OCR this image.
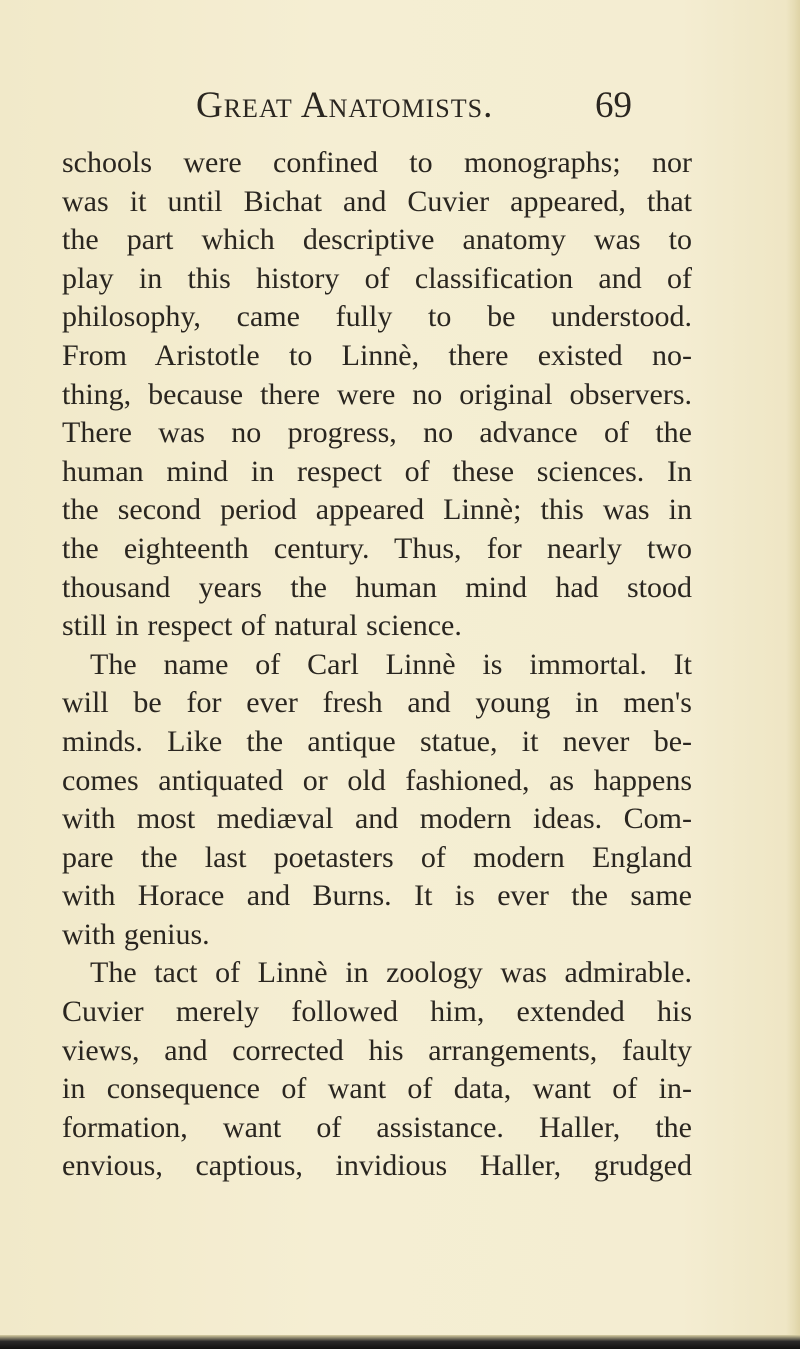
Great Anatomists.	69
schools were confined to monographs; nor
was it until Bichat and Cuvier appeared, that
the part which descriptive anatomy was to
play in this history of classification and of
philosophy, came fully to be understood.
From Aristotle to Linnè, there existed no-
thing, because there were no original observers.
There was no progress, no advance of the
human mind in respect of these sciences. In
the second period appeared Linnè; this was in
the eighteenth century. Thus, for nearly two
thousand years the human mind had stood
still in respect of natural science.
The name of Carl Linnè is immortal. It
will be for ever fresh and young in men's
minds. Like the antique statue, it never be-
comes antiquated or old fashioned, as happens
with most mediæval and modern ideas. Com-
pare the last poetasters of modern England
with Horace and Burns. It is ever the same
with genius.
The tact of Linnè in zoology was admirable.
Cuvier merely followed him, extended his
views, and corrected his arrangements, faulty
in consequence of want of data, want of in-
formation, want of assistance. Haller, the
envious, captious, invidious Haller, grudged
